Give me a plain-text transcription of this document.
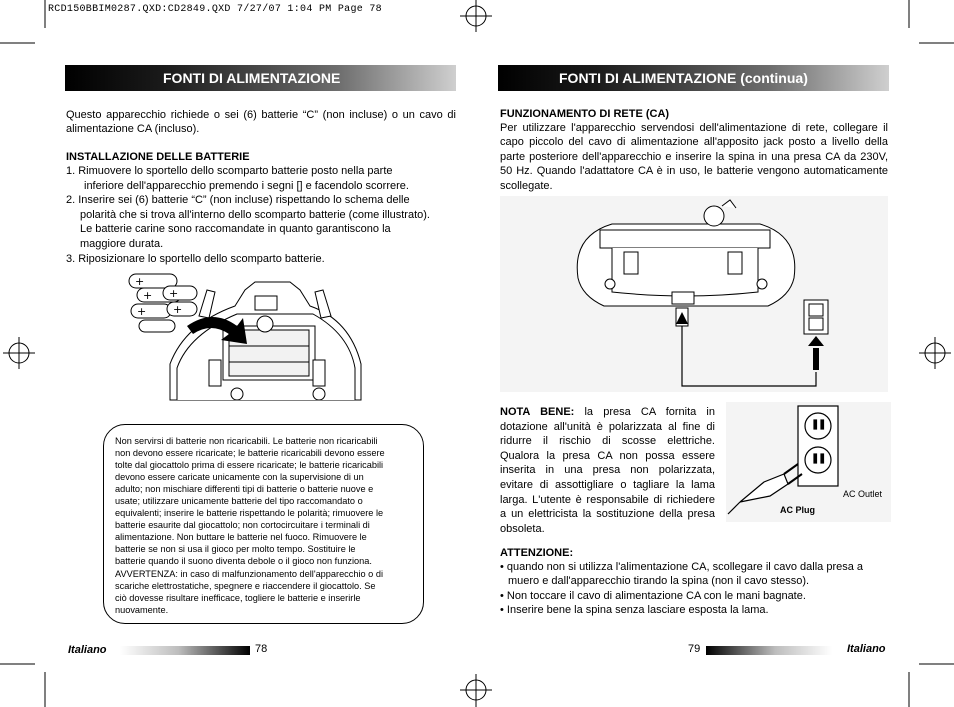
RCD150BBIM0287.QXD:CD2849.QXD 7/27/07 1:04 PM Page 78
FONTI DI ALIMENTAZIONE
Questo apparecchio richiede o sei (6) batterie “C” (non incluse) o un cavo di alimentazione CA (incluso).
INSTALLAZIONE DELLE BATTERIE
1. Rimuovere lo sportello dello scomparto batterie posto nella parte
inferiore dell'apparecchio premendo i segni [] e facendolo scorrere.
2. Inserire sei (6) batterie “C” (non incluse) rispettando lo schema delle
polarità che si trova all'interno dello scomparto batterie (come illustrato).
Le batterie carine sono raccomandate in quanto garantiscono la
maggiore durata.
3. Riposizionare lo sportello dello scomparto batterie.
+
+
+
+
+
Non servirsi di batterie non ricaricabili. Le batterie non ricaricabili
non devono essere ricaricate; le batterie ricaricabili devono essere
tolte dal giocattolo prima di essere ricaricate; le batterie ricaricabili
devono essere caricate unicamente con la supervisione di un
adulto; non mischiare differenti tipi di batterie o batterie nuove e
usate; utilizzare unicamente batterie del tipo raccomandato o
equivalenti; inserire le batterie rispettando le polarità; rimuovere le
batterie esaurite dal giocattolo; non cortocircuitare i terminali di
alimentazione. Non buttare le batterie nel fuoco. Rimuovere le
batterie se non si usa il gioco per molto tempo. Sostituire le
batterie quando il suono diventa debole o il gioco non funziona.
AVVERTENZA: in caso di malfunzionamento dell'apparecchio o di
scariche elettrostatiche, spegnere e riaccendere il giocattolo. Se
ciò dovesse risultare inefficace, togliere le batterie e inserirle
nuovamente.
Italiano	78
FONTI DI ALIMENTAZIONE (continua)
FUNZIONAMENTO DI RETE (CA)
Per utilizzare l'apparecchio servendosi dell'alimentazione di rete, collegare il capo piccolo del cavo di alimentazione all'apposito jack posto a livello della parte posteriore dell'apparecchio e inserire la spina in una presa CA da 230V, 50 Hz. Quando l'adattatore CA è in uso, le batterie vengono automaticamente scollegate.
NOTA BENE: la presa CA fornita in dotazione all'unità è polarizzata al fine di ridurre il rischio di scosse elettriche. Qualora la presa CA non possa essere inserita in una presa non polarizzata, evitare di assottigliare o tagliare la lama larga. L'utente è responsabile di richiedere a un elettricista la sostituzione della presa obsoleta.
AC Outlet
AC Plug
ATTENZIONE:
• quando non si utilizza l'alimentazione CA, scollegare il cavo dalla presa a muero e dall'apparecchio tirando la spina (non il cavo stesso).
• Non toccare il cavo di alimentazione CA con le mani bagnate.
• Inserire bene la spina senza lasciare esposta la lama.
79	Italiano
